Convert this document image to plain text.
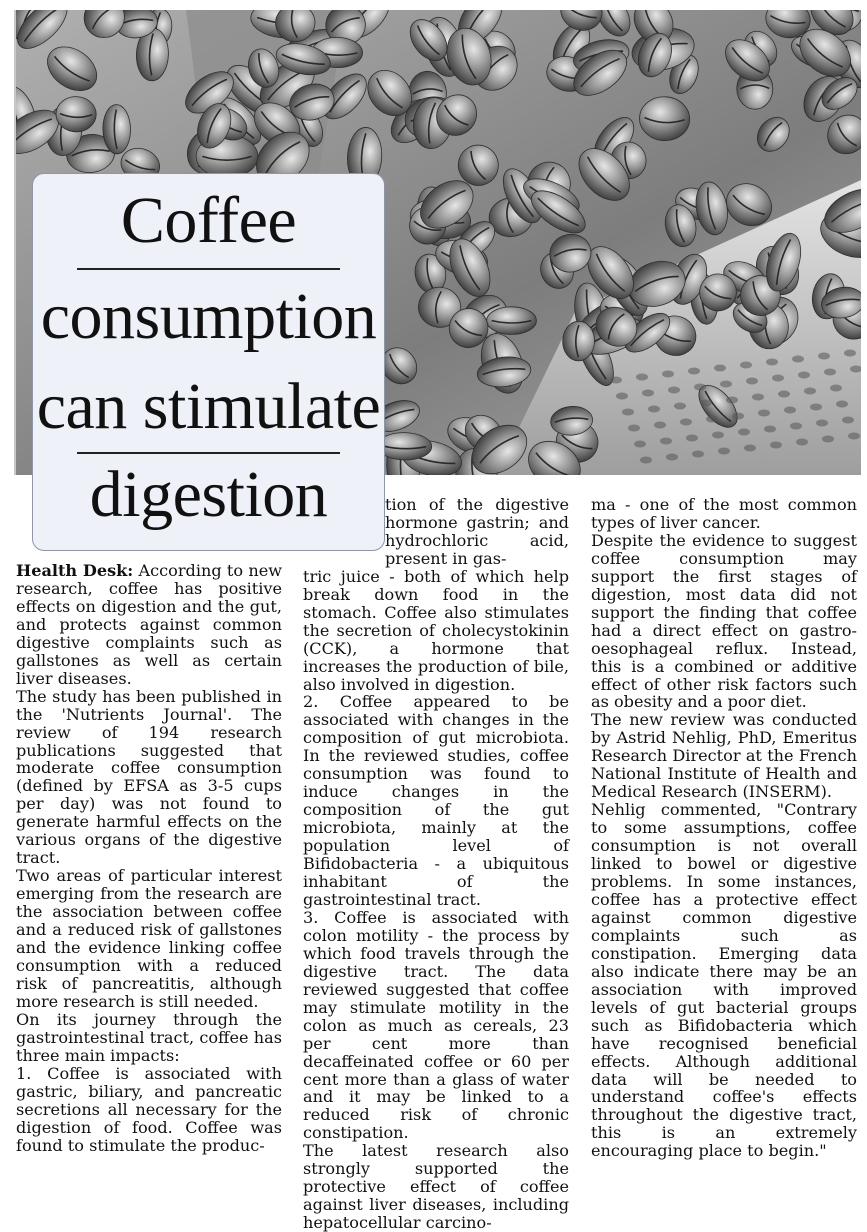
Coffee
consumption
can stimulate
digestion

Health Desk: According to new research, coffee has positive effects on digestion and the gut, and protects against common digestive complaints such as gallstones as well as certain liver diseases.

The study has been published in the 'Nutrients Journal'. The review of 194 research publications suggested that moderate coffee consumption (defined by EFSA as 3-5 cups per day) was not found to generate harmful effects on the various organs of the digestive tract.

Two areas of particular interest emerging from the research are the association between coffee and a reduced risk of gallstones and the evidence linking coffee consumption with a reduced risk of pancreatitis, although more research is still needed.

On its journey through the gastrointestinal tract, coffee has three main impacts:

1. Coffee is associated with gastric, biliary, and pancreatic secretions all necessary for the digestion of food. Coffee was found to stimulate the produc-

tion of the digestive hormone gastrin; and hydrochloric acid, present in gas-

tric juice - both of which help break down food in the stomach. Coffee also stimulates the secretion of cholecystokinin (CCK), a hormone that increases the production of bile, also involved in digestion.

2. Coffee appeared to be associated with changes in the composition of gut microbiota. In the reviewed studies, coffee consumption was found to induce changes in the composition of the gut microbiota, mainly at the population level of Bifidobacteria - a ubiquitous inhabitant of the gastrointestinal tract.

3. Coffee is associated with colon motility - the process by which food travels through the digestive tract. The data reviewed suggested that coffee may stimulate motility in the colon as much as cereals, 23 per cent more than decaffeinated coffee or 60 per cent more than a glass of water and it may be linked to a reduced risk of chronic constipation.

The latest research also strongly supported the protective effect of coffee against liver diseases, including hepatocellular carcino-

ma - one of the most common types of liver cancer.

Despite the evidence to suggest coffee consumption may support the first stages of digestion, most data did not support the finding that coffee had a direct effect on gastro-oesophageal reflux. Instead, this is a combined or additive effect of other risk factors such as obesity and a poor diet.

The new review was conducted by Astrid Nehlig, PhD, Emeritus Research Director at the French National Institute of Health and Medical Research (INSERM).

Nehlig commented, "Contrary to some assumptions, coffee consumption is not overall linked to bowel or digestive problems. In some instances, coffee has a protective effect against common digestive complaints such as constipation. Emerging data also indicate there may be an association with improved levels of gut bacterial groups such as Bifidobacteria which have recognised beneficial effects. Although additional data will be needed to understand coffee's effects throughout the digestive tract, this is an extremely encouraging place to begin."
